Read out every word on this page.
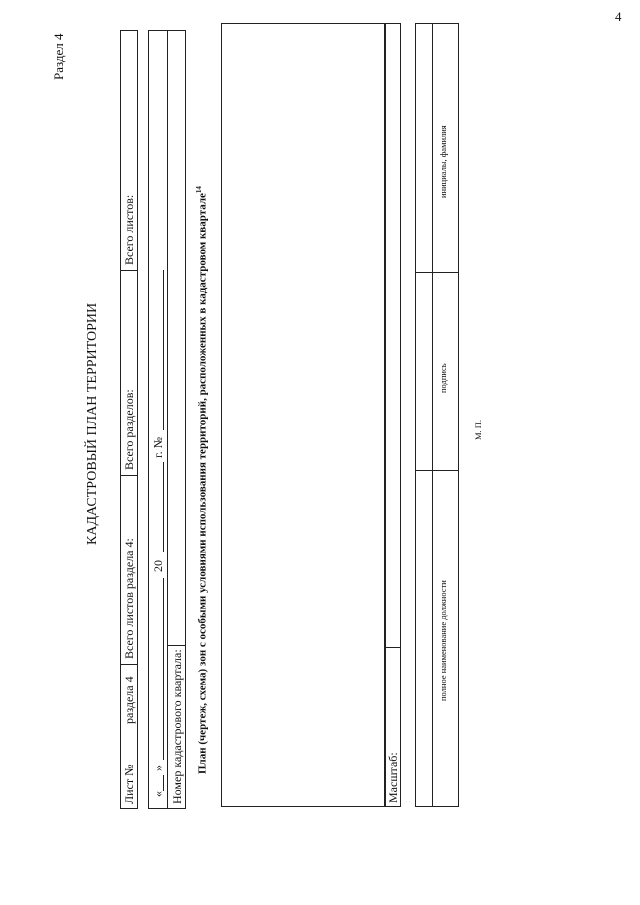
4
Раздел 4
КАДАСТРОВЫЙ ПЛАН ТЕРРИТОРИИ
Лист №
раздела 4
Всего листов раздела 4:
Всего разделов:
Всего листов:
«
»
20
г. №
Номер кадастрового квартала: План (чертеж, схема) зон с особыми условиями использования территорий, расположенных в кадастровом квартале$^{14}$
Масштаб:
полное наименование должности
подпись
инициалы, фамилия
М. П.
